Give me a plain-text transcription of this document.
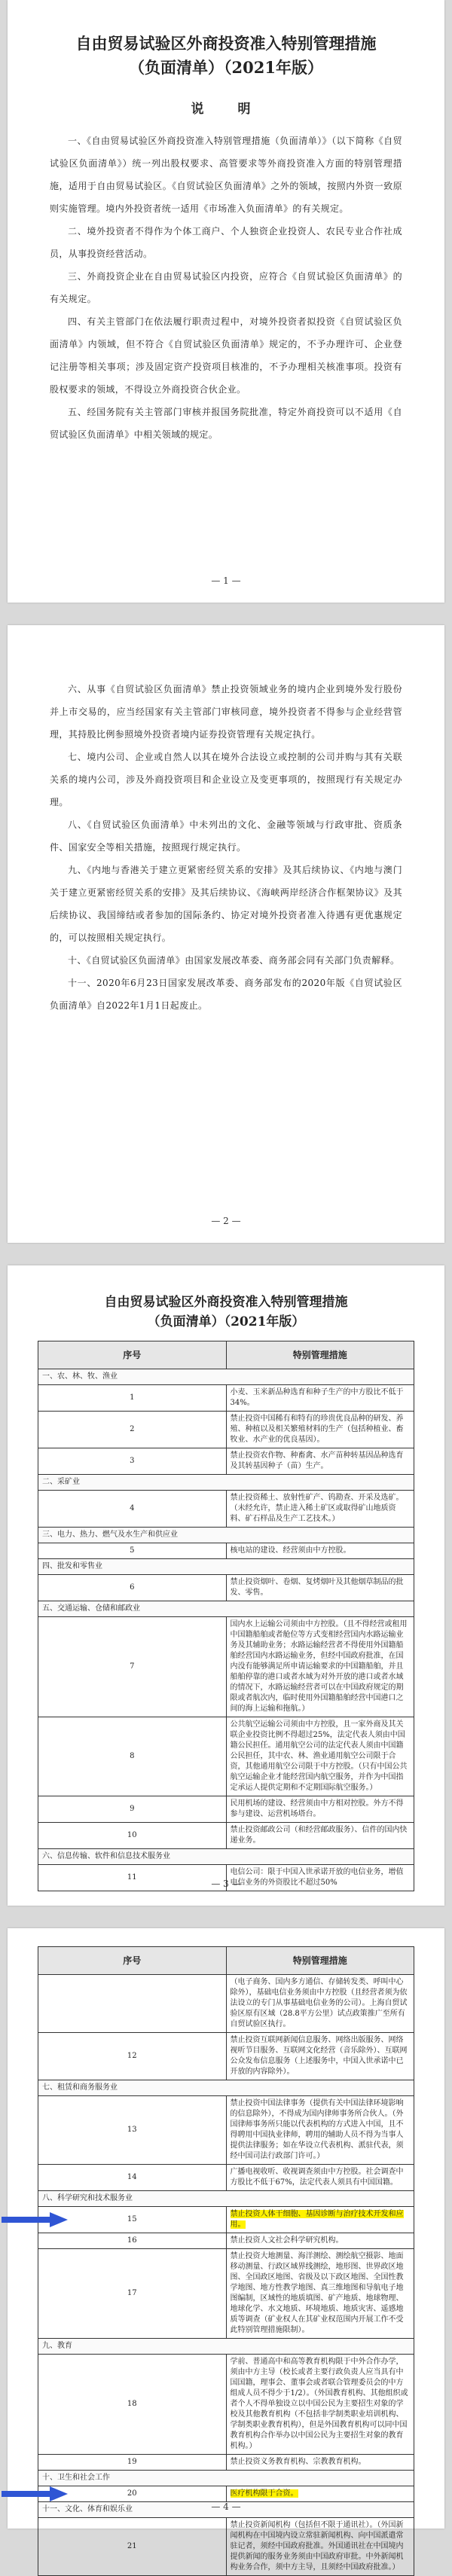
自由贸易试验区外商投资准入特别管理措施
（负面清单）（2021年版）
说　明

一、《自由贸易试验区外商投资准入特别管理措施（负面清单）》（以下简称《自贸试验区负面清单》）统一列出股权要求、高管要求等外商投资准入方面的特别管理措施，适用于自由贸易试验区。《自贸试验区负面清单》之外的领域，按照内外资一致原则实施管理。境内外投资者统一适用《市场准入负面清单》的有关规定。

二、境外投资者不得作为个体工商户、个人独资企业投资人、农民专业合作社成员，从事投资经营活动。

三、外商投资企业在自由贸易试验区内投资，应符合《自贸试验区负面清单》的有关规定。

四、有关主管部门在依法履行职责过程中，对境外投资者拟投资《自贸试验区负面清单》内领域，但不符合《自贸试验区负面清单》规定的，不予办理许可、企业登记注册等相关事项；涉及固定资产投资项目核准的，不予办理相关核准事项。投资有股权要求的领域，不得设立外商投资合伙企业。

五、经国务院有关主管部门审核并报国务院批准，特定外商投资可以不适用《自贸试验区负面清单》中相关领域的规定。

— 1 —

六、从事《自贸试验区负面清单》禁止投资领域业务的境内企业到境外发行股份并上市交易的，应当经国家有关主管部门审核同意，境外投资者不得参与企业经营管理，其持股比例参照境外投资者境内证券投资管理有关规定执行。

七、境内公司、企业或自然人以其在境外合法设立或控制的公司并购与其有关联关系的境内公司，涉及外商投资项目和企业设立及变更事项的，按照现行有关规定办理。

八、《自贸试验区负面清单》中未列出的文化、金融等领域与行政审批、资质条件、国家安全等相关措施，按照现行规定执行。

九、《内地与香港关于建立更紧密经贸关系的安排》及其后续协议、《内地与澳门关于建立更紧密经贸关系的安排》及其后续协议、《海峡两岸经济合作框架协议》及其后续协议、我国缔结或者参加的国际条约、协定对境外投资者准入待遇有更优惠规定的，可以按照相关规定执行。

十、《自贸试验区负面清单》由国家发展改革委、商务部会同有关部门负责解释。

十一、2020年6月23日国家发展改革委、商务部发布的2020年版《自贸试验区负面清单》自2022年1月1日起废止。

— 2 —
自由贸易试验区外商投资准入特别管理措施
（负面清单）（2021年版）
序号	特别管理措施
一、农、林、牧、渔业	
1	小麦、玉米新品种选育和种子生产的中方股比不低于34%。
2	禁止投资中国稀有和特有的珍贵优良品种的研发、养殖、种植以及相关繁殖材料的生产（包括种植业、畜牧业、水产业的优良基因）。
3	禁止投资农作物、种畜禽、水产苗种转基因品种选育及其转基因种子（苗）生产。
二、采矿业	
4	禁止投资稀土、放射性矿产、钨勘查、开采及选矿。（未经允许，禁止进入稀土矿区或取得矿山地质资料、矿石样品及生产工艺技术。）
三、电力、热力、燃气及水生产和供应业	
5	核电站的建设、经营须由中方控股。
四、批发和零售业	
6	禁止投资烟叶、卷烟、复烤烟叶及其他烟草制品的批发、零售。
五、交通运输、仓储和邮政业	
7	国内水上运输公司须由中方控股。（且不得经营或租用中国籍船舶或者舱位等方式变相经营国内水路运输业务及其辅助业务；水路运输经营者不得使用外国籍船舶经营国内水路运输业务，但经中国政府批准，在国内没有能够满足所申请运输要求的中国籍船舶，并且船舶停靠的港口或者水域为对外开放的港口或者水域的情况下，水路运输经营者可以在中国政府规定的期限或者航次内，临时使用外国籍船舶经营中国港口之间的海上运输和拖航。）
8	公共航空运输公司须由中方控股，且一家外商及其关联企业投资比例不得超过25%，法定代表人须由中国籍公民担任。通用航空公司的法定代表人须由中国籍公民担任，其中农、林、渔业通用航空公司限于合资，其他通用航空公司限于中方控股。（只有中国公共航空运输企业才能经营国内航空服务，并作为中国指定承运人提供定期和不定期国际航空服务。）
9	民用机场的建设、经营须由中方相对控股。外方不得参与建设、运营机场塔台。
10	禁止投资邮政公司（和经营邮政服务）、信件的国内快递业务。
六、信息传输、软件和信息技术服务业	
11	电信公司：限于中国入世承诺开放的电信业务，增值电信业务的外资股比不超过50%
— 3 —
序号	特别管理措施
	（电子商务、国内多方通信、存储转发类、呼叫中心除外），基础电信业务须由中方控股（且经营者须为依法设立的专门从事基础电信业务的公司）。上海自贸试验区原有区域（28.8平方公里）试点政策推广至所有自贸试验区执行。
12	禁止投资互联网新闻信息服务、网络出版服务、网络视听节目服务、互联网文化经营（音乐除外）、互联网公众发布信息服务（上述服务中，中国入世承诺中已开放的内容除外）。
七、租赁和商务服务业	
13	禁止投资中国法律事务（提供有关中国法律环境影响的信息除外），不得成为国内律师事务所合伙人。（外国律师事务所只能以代表机构的方式进入中国，且不得聘用中国执业律师，聘用的辅助人员不得为当事人提供法律服务；如在华设立代表机构、派驻代表，须经中国司法行政部门许可。）
14	广播电视收听、收视调查须由中方控股。社会调查中方股比不低于67%，法定代表人须具有中国国籍。
八、科学研究和技术服务业	
15	禁止投资人体干细胞、基因诊断与治疗技术开发和应用。
16	禁止投资人文社会科学研究机构。
17	禁止投资大地测量、海洋测绘、测绘航空摄影、地面移动测量、行政区域界线测绘，地形图、世界政区地图、全国政区地图、省级及以下政区地图、全国性教学地图、地方性教学地图、真三维地图和导航电子地图编制，区域性的地质填图、矿产地质、地球物理、地球化学、水文地质、环境地质、地质灾害、遥感地质等调查（矿业权人在其矿业权范围内开展工作不受此特别管理措施限制）。
九、教育	
18	学前、普通高中和高等教育机构限于中外合作办学，须由中方主导（校长或者主要行政负责人应当具有中国国籍，理事会、董事会或者联合管理委员会的中方组成人员不得少于1/2）。（外国教育机构、其他组织或者个人不得单独设立以中国公民为主要招生对象的学校及其他教育机构（不包括非学制类职业培训机构、学制类职业教育机构），但是外国教育机构可以同中国教育机构合作举办以中国公民为主要招生对象的教育机构。）
19	禁止投资义务教育机构、宗教教育机构。
十、卫生和社会工作	
20	医疗机构限于合资。
十一、文化、体育和娱乐业	
21	禁止投资新闻机构（包括但不限于通讯社）。（外国新闻机构在中国境内设立常驻新闻机构、向中国派遣常驻记者，须经中国政府批准。外国通讯社在中国境内提供新闻的服务业务须由中国政府审批。中外新闻机构业务合作，须中方主导，且须经中国政府批准。）
— 4 —
